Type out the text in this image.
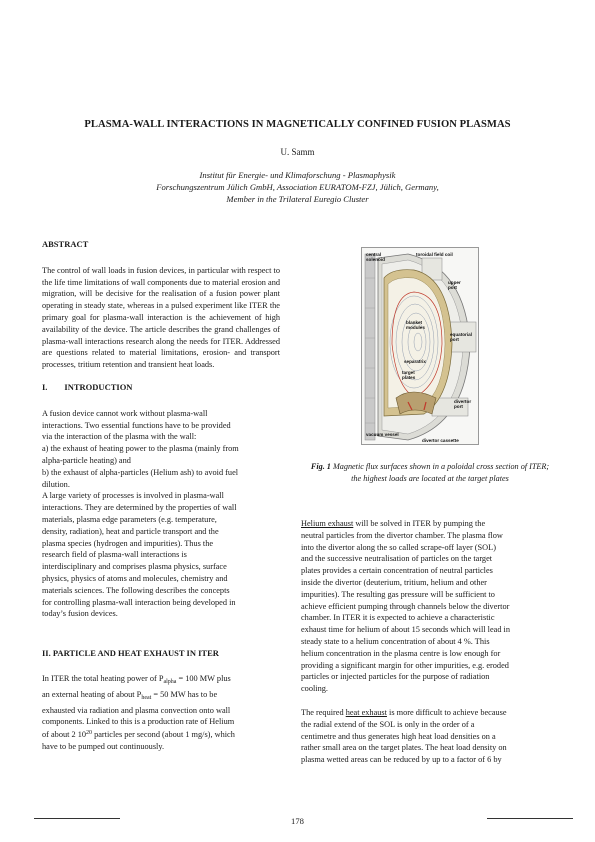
PLASMA-WALL INTERACTIONS IN MAGNETICALLY CONFINED FUSION PLASMAS
U. Samm
Institut für Energie- und Klimaforschung - Plasmaphysik
Forschungszentrum Jülich GmbH, Association EURATOM-FZJ, Jülich, Germany,
Member in the Trilateral Euregio Cluster
ABSTRACT
The control of wall loads in fusion devices, in particular with respect to the life time limitations of wall components due to material erosion and migration, will be decisive for the realisation of a fusion power plant operating in steady state, whereas in a pulsed experiment like ITER the primary goal for plasma-wall interaction is the achievement of high availability of the device. The article describes the grand challenges of plasma-wall interactions research along the needs for ITER. Addressed are questions related to material limitations, erosion- and transport processes, tritium retention and transient heat loads.
I.        INTRODUCTION
A fusion device cannot work without plasma-wall
interactions. Two essential functions have to be provided
via the interaction of the plasma with the wall:
a) the exhaust of heating power to the plasma (mainly from
alpha-particle heating) and
b) the exhaust of alpha-particles (Helium ash) to avoid fuel
dilution.
A large variety of processes is involved in plasma-wall
interactions. They are determined by the properties of wall
materials, plasma edge parameters (e.g. temperature,
density, radiation), heat and particle transport and the
plasma species (hydrogen and impurities). Thus the
research field of plasma-wall interactions is
interdisciplinary and comprises plasma physics, surface
physics, physics of atoms and molecules, chemistry and
materials sciences. The following describes the concepts
for controlling plasma-wall interaction being developed in
today’s fusion devices.
II. PARTICLE AND HEAT EXHAUST IN ITER
In ITER the total heating power of $P_{alpha} = 100$ MW plus
an external heating of about $P_{heat} = 50$ MW has to be
exhausted via radiation and plasma convection onto wall
components. Linked to this is a production rate of Helium
of about 2 $10^{20}$ particles per second (about 1 mg/s), which
have to be pumped out continuously.
central solenoid
toroidal field coil
upper port
blanket modules
equatorial port
separatrix
target plates
divertor port
vacuum vessel
divertor cassette
Fig. 1 Magnetic flux surfaces shown in a poloidal cross section of ITER; the highest loads are located at the target plates
Helium exhaust will be solved in ITER by pumping the
neutral particles from the divertor chamber. The plasma flow
into the divertor along the so called scrape-off layer (SOL)
and the successive neutralisation of particles on the target
plates provides a certain concentration of neutral particles
inside the divertor (deuterium, tritium, helium and other
impurities). The resulting gas pressure will be sufficient to
achieve efficient pumping through channels below the divertor
chamber. In ITER it is expected to achieve a characteristic
exhaust time for helium of about 15 seconds which will lead in
steady state to a helium concentration of about 4 %. This
helium concentration in the plasma centre is low enough for
providing a significant margin for other impurities, e.g. eroded
particles or injected particles for the purpose of radiation
cooling.
The required heat exhaust is more difficult to achieve because
the radial extend of the SOL is only in the order of a
centimetre and thus generates high heat load densities on a
rather small area on the target plates. The heat load density on
plasma wetted areas can be reduced by up to a factor of 6 by
178
